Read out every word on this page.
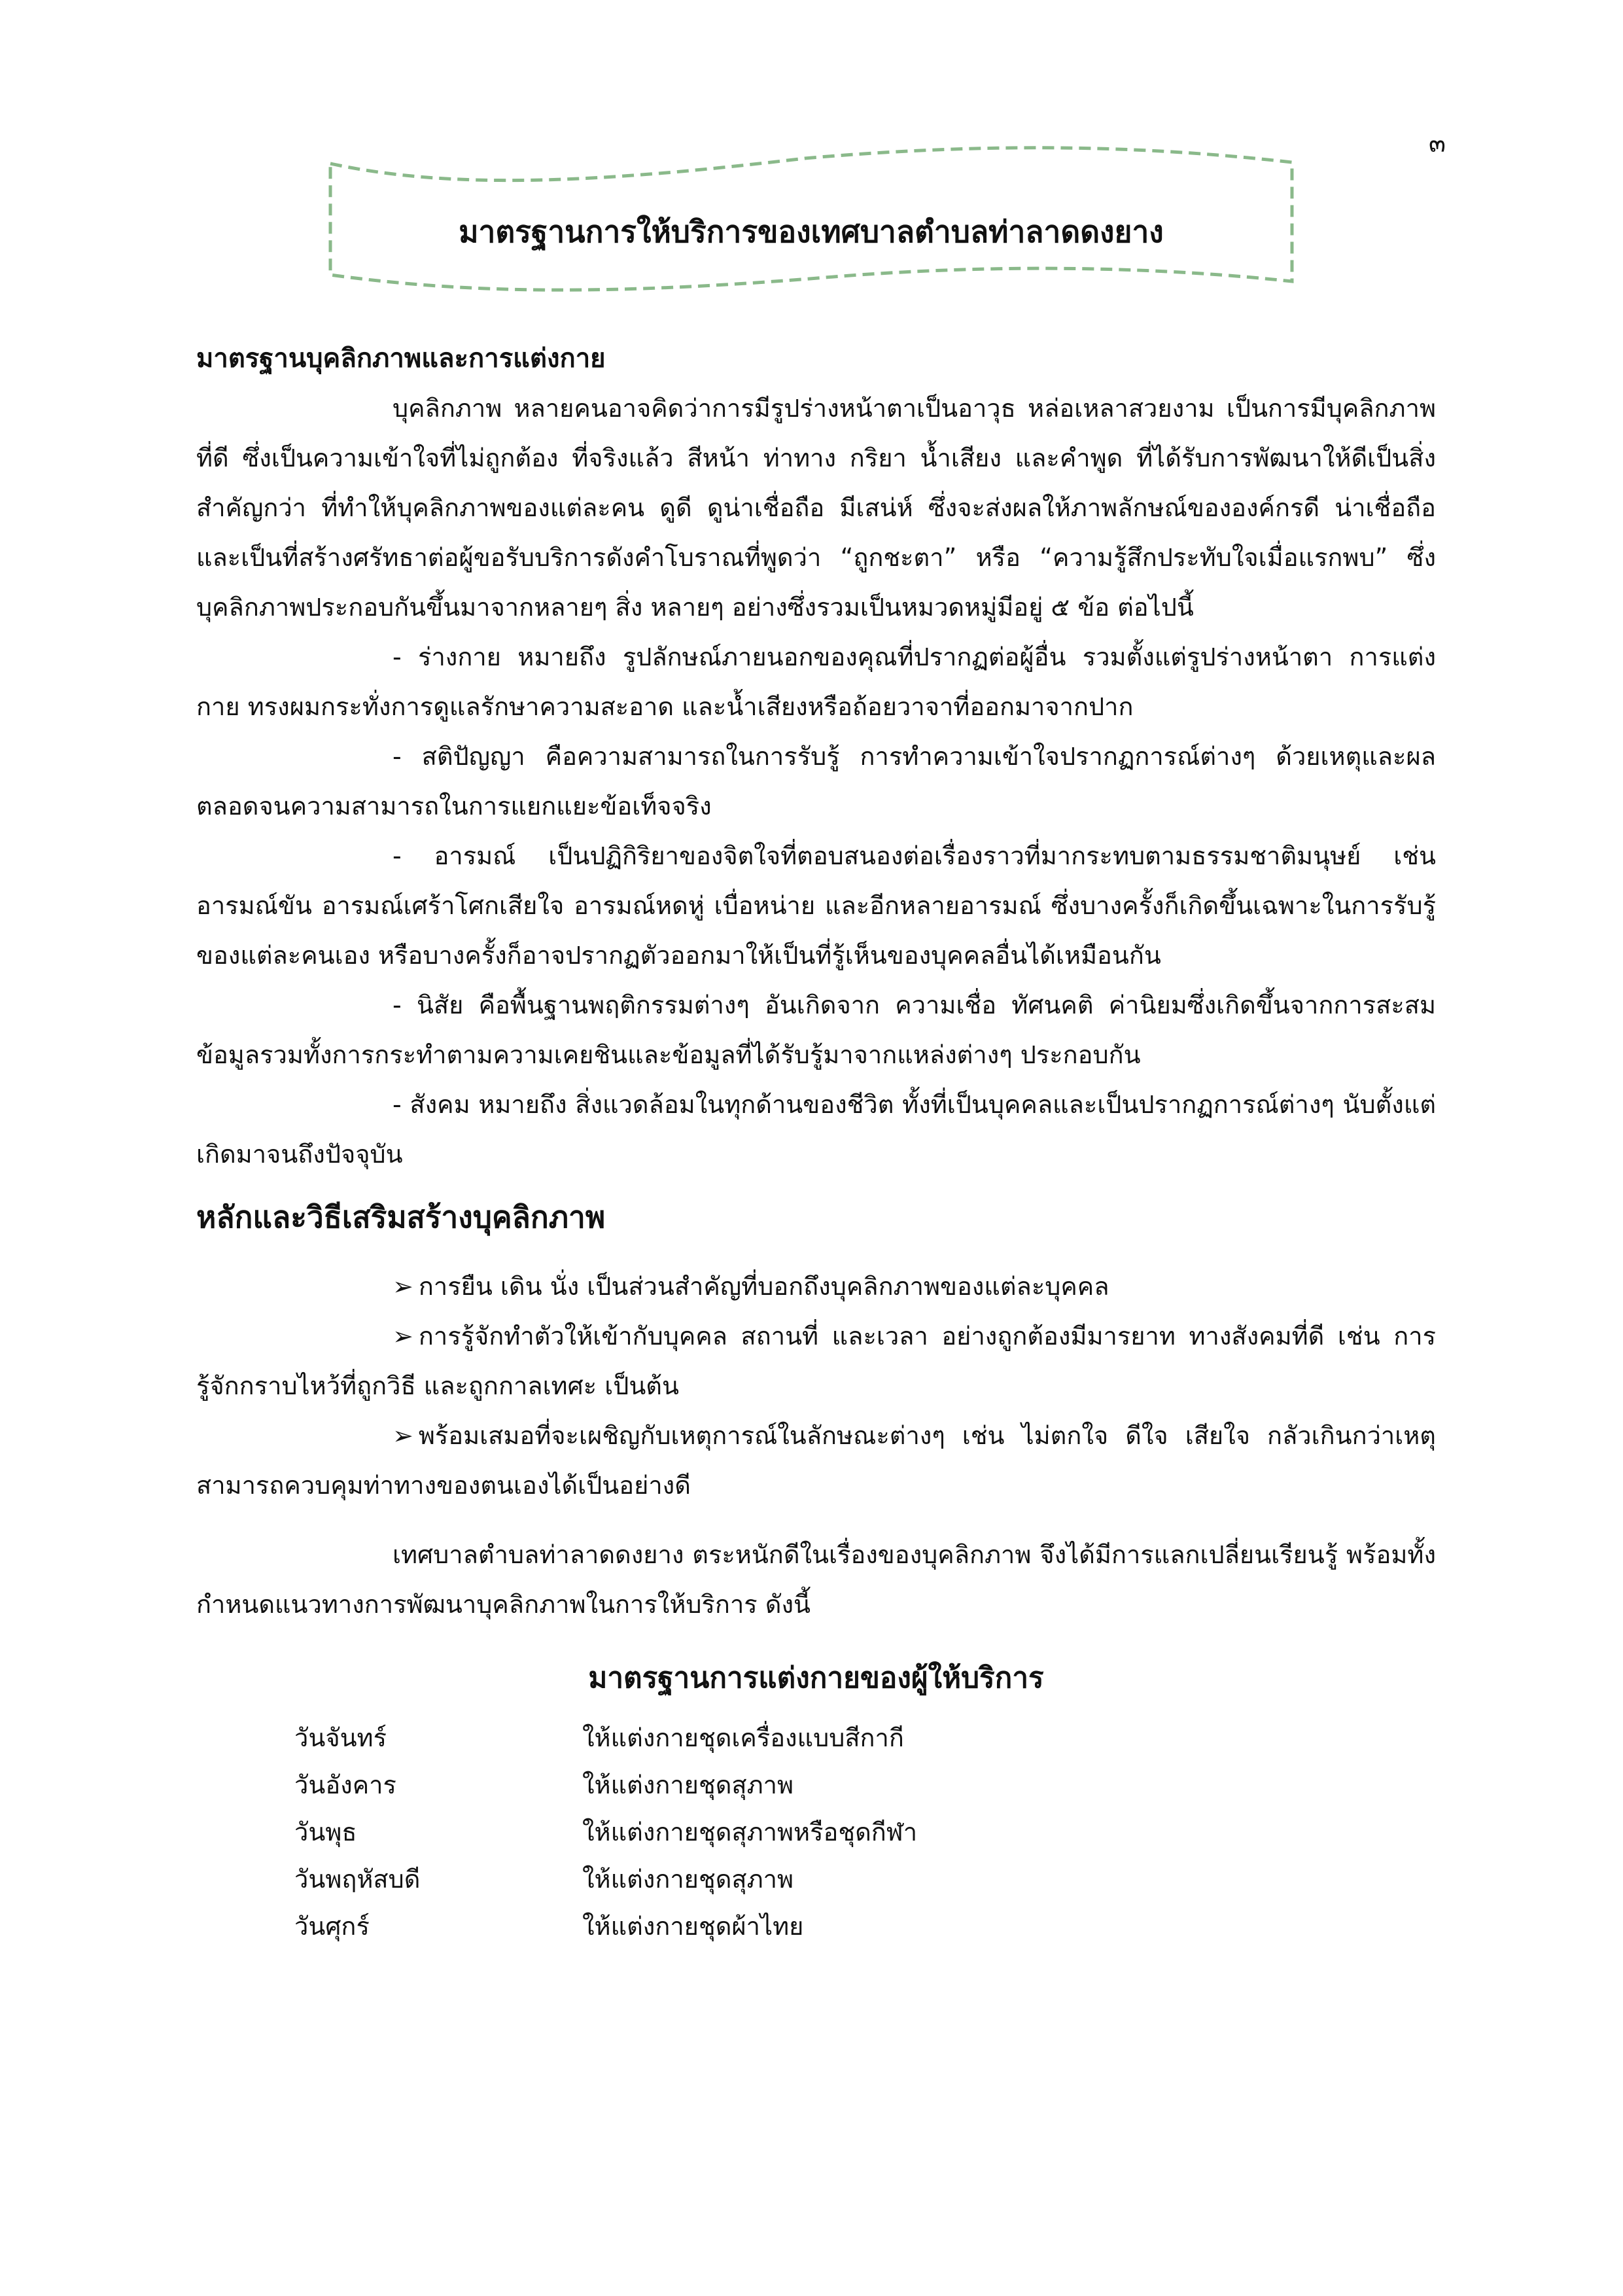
๓
มาตรฐานการให้บริการของเทศบาลตำบลท่าลาดดงยาง
มาตรฐานบุคลิกภาพและการแต่งกาย

บุคลิกภาพ หลายคนอาจคิดว่าการมีรูปร่างหน้าตาเป็นอาวุธ หล่อเหลาสวยงาม เป็นการมีบุคลิกภาพที่ดี ซึ่งเป็นความเข้าใจที่ไม่ถูกต้อง ที่จริงแล้ว สีหน้า ท่าทาง กริยา น้ำเสียง และคำพูด ที่ได้รับการพัฒนาให้ดีเป็นสิ่งสำคัญกว่า ที่ทำให้บุคลิกภาพของแต่ละคน ดูดี ดูน่าเชื่อถือ มีเสน่ห์ ซึ่งจะส่งผลให้ภาพลักษณ์ขององค์กรดี น่าเชื่อถือและเป็นที่สร้างศรัทธาต่อผู้ขอรับบริการดังคำโบราณที่พูดว่า “ถูกชะตา” หรือ “ความรู้สึกประทับใจเมื่อแรกพบ” ซึ่งบุคลิกภาพประกอบกันขึ้นมาจากหลายๆ สิ่ง หลายๆ อย่างซึ่งรวมเป็นหมวดหมู่มีอยู่ ๕ ข้อ ต่อไปนี้

- ร่างกาย หมายถึง รูปลักษณ์ภายนอกของคุณที่ปรากฏต่อผู้อื่น รวมตั้งแต่รูปร่างหน้าตา การแต่งกาย ทรงผมกระทั่งการดูแลรักษาความสะอาด และน้ำเสียงหรือถ้อยวาจาที่ออกมาจากปาก

- สติปัญญา คือความสามารถในการรับรู้ การทำความเข้าใจปรากฏการณ์ต่างๆ ด้วยเหตุและผล ตลอดจนความสามารถในการแยกแยะข้อเท็จจริง

- อารมณ์ เป็นปฏิกิริยาของจิตใจที่ตอบสนองต่อเรื่องราวที่มากระทบตามธรรมชาติมนุษย์ เช่น อารมณ์ขัน อารมณ์เศร้าโศกเสียใจ อารมณ์หดหู่ เบื่อหน่าย และอีกหลายอารมณ์ ซึ่งบางครั้งก็เกิดขึ้นเฉพาะในการรับรู้ของแต่ละคนเอง หรือบางครั้งก็อาจปรากฏตัวออกมาให้เป็นที่รู้เห็นของบุคคลอื่นได้เหมือนกัน

- นิสัย คือพื้นฐานพฤติกรรมต่างๆ อันเกิดจาก ความเชื่อ ทัศนคติ ค่านิยมซึ่งเกิดขึ้นจากการสะสมข้อมูลรวมทั้งการกระทำตามความเคยชินและข้อมูลที่ได้รับรู้มาจากแหล่งต่างๆ ประกอบกัน

- สังคม หมายถึง สิ่งแวดล้อมในทุกด้านของชีวิต ทั้งที่เป็นบุคคลและเป็นปรากฏการณ์ต่างๆ นับตั้งแต่เกิดมาจนถึงปัจจุบัน

หลักและวิธีเสริมสร้างบุคลิกภาพ

➢ การยืน เดิน นั่ง เป็นส่วนสำคัญที่บอกถึงบุคลิกภาพของแต่ละบุคคล

➢ การรู้จักทำตัวให้เข้ากับบุคคล สถานที่ และเวลา อย่างถูกต้องมีมารยาท ทางสังคมที่ดี เช่น การรู้จักกราบไหว้ที่ถูกวิธี และถูกกาลเทศะ เป็นต้น

➢ พร้อมเสมอที่จะเผชิญกับเหตุการณ์ในลักษณะต่างๆ เช่น ไม่ตกใจ ดีใจ เสียใจ กลัวเกินกว่าเหตุ สามารถควบคุมท่าทางของตนเองได้เป็นอย่างดี

เทศบาลตำบลท่าลาดดงยาง ตระหนักดีในเรื่องของบุคลิกภาพ จึงได้มีการแลกเปลี่ยนเรียนรู้ พร้อมทั้งกำหนดแนวทางการพัฒนาบุคลิกภาพในการให้บริการ ดังนี้

มาตรฐานการแต่งกายของผู้ให้บริการ
วันจันทร์	ให้แต่งกายชุดเครื่องแบบสีกากี
วันอังคาร	ให้แต่งกายชุดสุภาพ
วันพุธ	ให้แต่งกายชุดสุภาพหรือชุดกีฬา
วันพฤหัสบดี	ให้แต่งกายชุดสุภาพ
วันศุกร์	ให้แต่งกายชุดผ้าไทย
